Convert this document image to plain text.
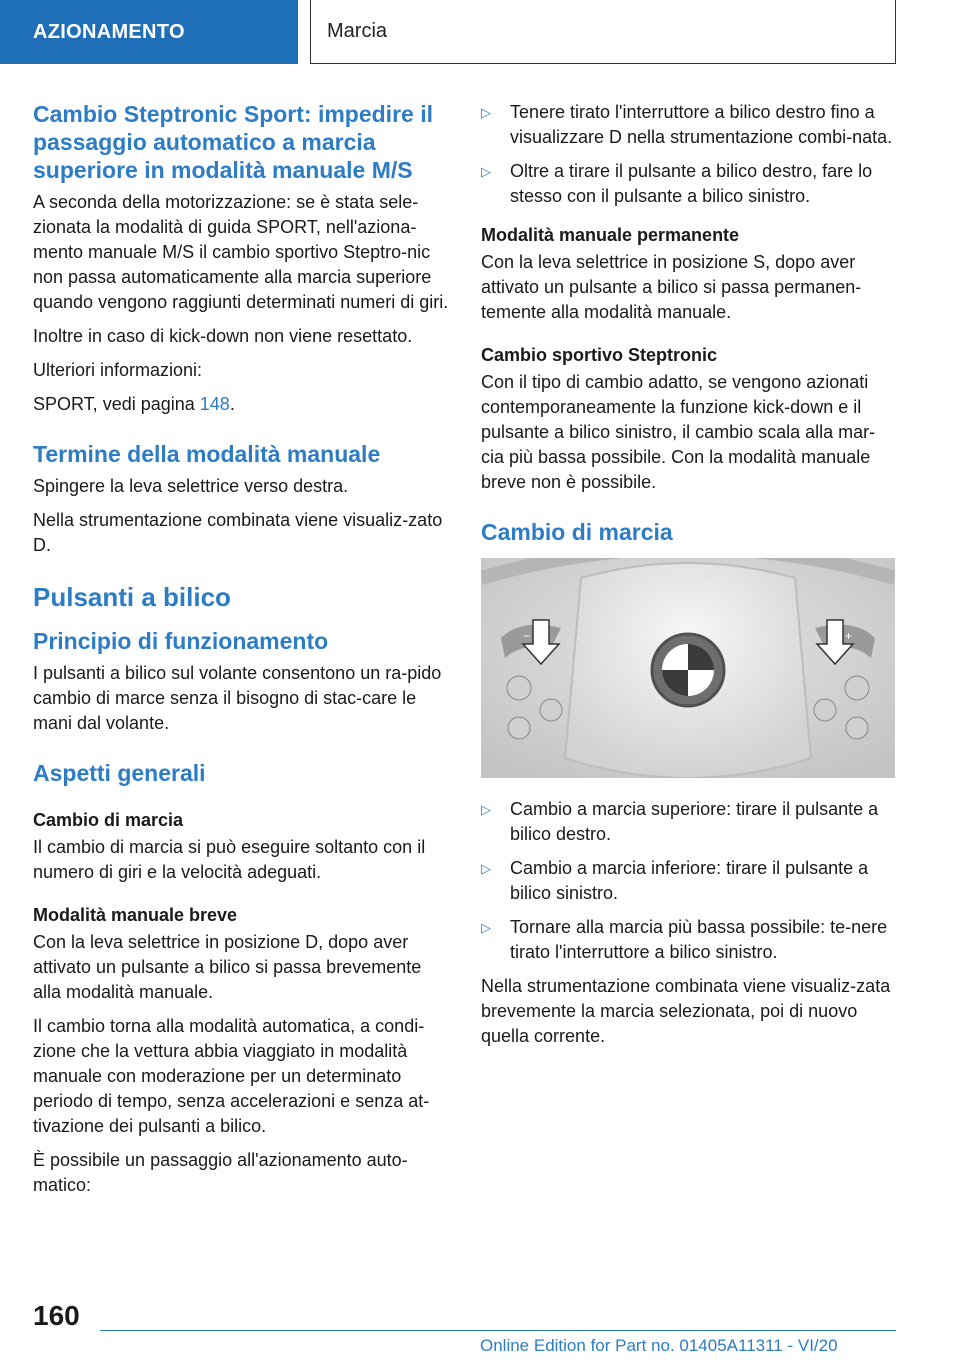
AZIONAMENTO	Marcia
Cambio Steptronic Sport: impedire il passaggio automatico a marcia superiore in modalità manuale M/S

A seconda della motorizzazione: se è stata sele-zionata la modalità di guida SPORT, nell'aziona-mento manuale M/S il cambio sportivo Steptro-nic non passa automaticamente alla marcia superiore quando vengono raggiunti determinati numeri di giri.

Inoltre in caso di kick-down non viene resettato.

Ulteriori informazioni:

SPORT, vedi pagina 148.

Termine della modalità manuale

Spingere la leva selettrice verso destra.

Nella strumentazione combinata viene visualiz-zato D.

Pulsanti a bilico
Principio di funzionamento

I pulsanti a bilico sul volante consentono un ra-pido cambio di marce senza il bisogno di stac-care le mani dal volante.

Aspetti generali
Cambio di marcia

Il cambio di marcia si può eseguire soltanto con il numero di giri e la velocità adeguati.

Modalità manuale breve

Con la leva selettrice in posizione D, dopo aver attivato un pulsante a bilico si passa brevemente alla modalità manuale.

Il cambio torna alla modalità automatica, a condi-zione che la vettura abbia viaggiato in modalità manuale con moderazione per un determinato periodo di tempo, senza accelerazioni e senza at-tivazione dei pulsanti a bilico.

È possibile un passaggio all'azionamento auto-matico:

▷ Tenere tirato l'interruttore a bilico destro fino a visualizzare D nella strumentazione combi-nata.
▷ Oltre a tirare il pulsante a bilico destro, fare lo stesso con il pulsante a bilico sinistro.
Modalità manuale permanente

Con la leva selettrice in posizione S, dopo aver attivato un pulsante a bilico si passa permanen-temente alla modalità manuale.

Cambio sportivo Steptronic

Con il tipo di cambio adatto, se vengono azionati contemporaneamente la funzione kick-down e il pulsante a bilico sinistro, il cambio scala alla mar-cia più bassa possibile. Con la modalità manuale breve non è possibile.

Cambio di marcia
−	+
▷ Cambio a marcia superiore: tirare il pulsante a bilico destro.
▷ Cambio a marcia inferiore: tirare il pulsante a bilico sinistro.
▷ Tornare alla marcia più bassa possibile: te-nere tirato l'interruttore a bilico sinistro.

Nella strumentazione combinata viene visualiz-zata brevemente la marcia selezionata, poi di nuovo quella corrente.

160
Online Edition for Part no. 01405A11311 - VI/20
